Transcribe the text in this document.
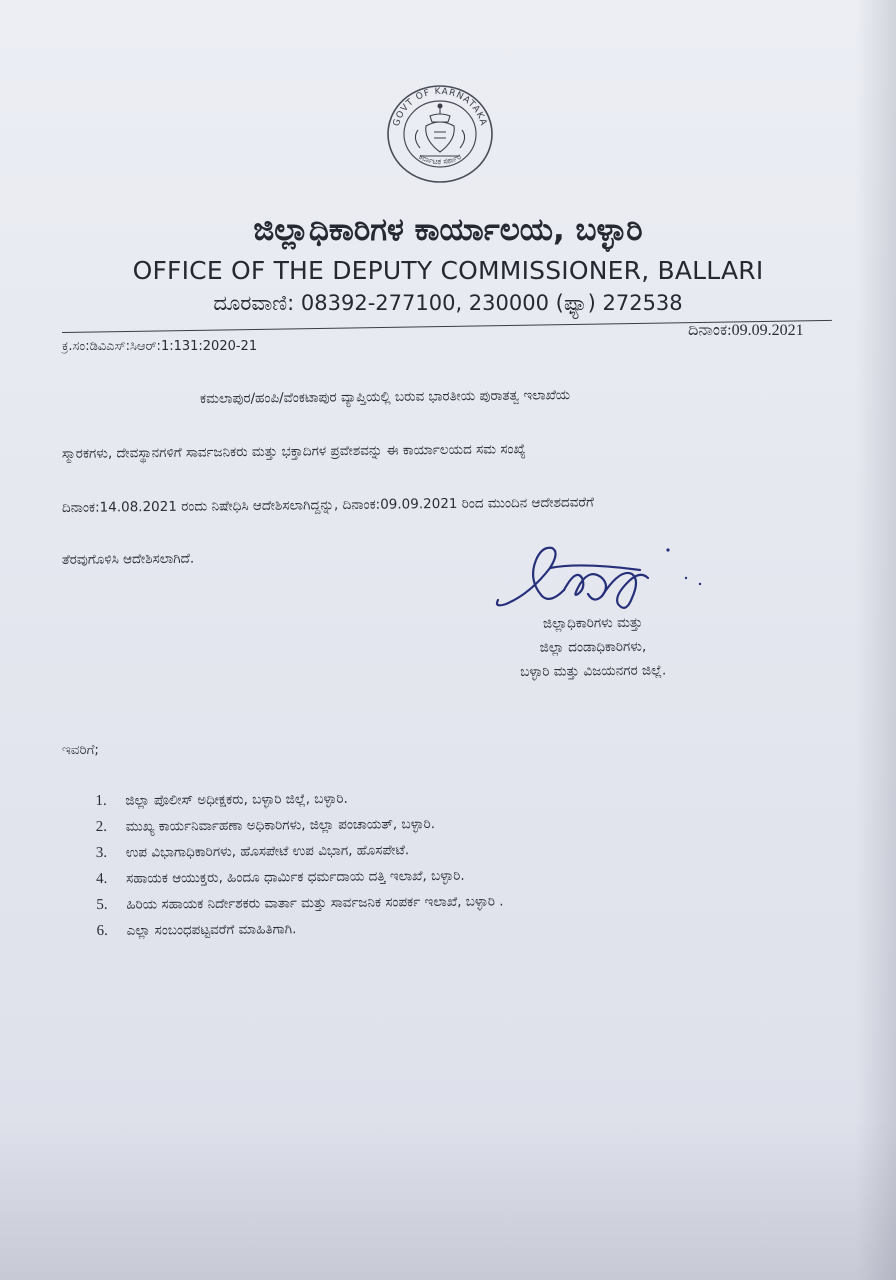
GOVT OF KARNATAKA
ಕರ್ನಾಟಕ ಸರ್ಕಾರ
ಜಿಲ್ಲಾಧಿಕಾರಿಗಳ ಕಾರ್ಯಾಲಯ, ಬಳ್ಳಾರಿ
OFFICE OF THE DEPUTY COMMISSIONER, BALLARI
ದೂರವಾಣಿ: 08392-277100, 230000 (ಫ್ಯಾ) 272538
ಕ್ರ.ಸಂ:ಡಿವಿಎಸ್:ಸಿಆರ್:1:131:2020-21
ದಿನಾಂಕ:09.09.2021
ಕಮಲಾಪುರ/ಹಂಪಿ/ವೆಂಕಟಾಪುರ ವ್ಯಾಪ್ತಿಯಲ್ಲಿ ಬರುವ ಭಾರತೀಯ ಪುರಾತತ್ವ ಇಲಾಖೆಯ
ಸ್ಮಾರಕಗಳು, ದೇವಸ್ಥಾನಗಳಿಗೆ ಸಾರ್ವಜನಿಕರು ಮತ್ತು ಭಕ್ತಾದಿಗಳ ಪ್ರವೇಶವನ್ನು ಈ ಕಾರ್ಯಾಲಯದ ಸಮ ಸಂಖ್ಯೆ
ದಿನಾಂಕ:14.08.2021 ರಂದು ನಿಷೇಧಿಸಿ ಆದೇಶಿಸಲಾಗಿದ್ದನ್ನು, ದಿನಾಂಕ:09.09.2021 ರಿಂದ ಮುಂದಿನ ಆದೇಶದವರೆಗೆ
ತೆರವುಗೊಳಿಸಿ ಆದೇಶಿಸಲಾಗಿದೆ.
ಜಿಲ್ಲಾಧಿಕಾರಿಗಳು ಮತ್ತು
ಜಿಲ್ಲಾ ದಂಡಾಧಿಕಾರಿಗಳು,
ಬಳ್ಳಾರಿ ಮತ್ತು ವಿಜಯನಗರ ಜಿಲ್ಲೆ.
ಇವರಿಗೆ;
1.	ಜಿಲ್ಲಾ ಪೊಲೀಸ್ ಅಧೀಕ್ಷಕರು, ಬಳ್ಳಾರಿ ಜಿಲ್ಲೆ, ಬಳ್ಳಾರಿ.
2.	ಮುಖ್ಯ ಕಾರ್ಯನಿರ್ವಾಹಣಾ ಅಧಿಕಾರಿಗಳು, ಜಿಲ್ಲಾ ಪಂಚಾಯತ್, ಬಳ್ಳಾರಿ.
3.	ಉಪ ವಿಭಾಗಾಧಿಕಾರಿಗಳು, ಹೊಸಪೇಟೆ ಉಪ ವಿಭಾಗ, ಹೊಸಪೇಟೆ.
4.	ಸಹಾಯಕ ಆಯುಕ್ತರು, ಹಿಂದೂ ಧಾರ್ಮಿಕ ಧರ್ಮದಾಯ ದತ್ತಿ ಇಲಾಖೆ, ಬಳ್ಳಾರಿ.
5.	ಹಿರಿಯ ಸಹಾಯಕ ನಿರ್ದೇಶಕರು ವಾರ್ತಾ ಮತ್ತು ಸಾರ್ವಜನಿಕ ಸಂಪರ್ಕ ಇಲಾಖೆ, ಬಳ್ಳಾರಿ .
6.	ಎಲ್ಲಾ ಸಂಬಂಧಪಟ್ಟವರೆಗೆ ಮಾಹಿತಿಗಾಗಿ.
